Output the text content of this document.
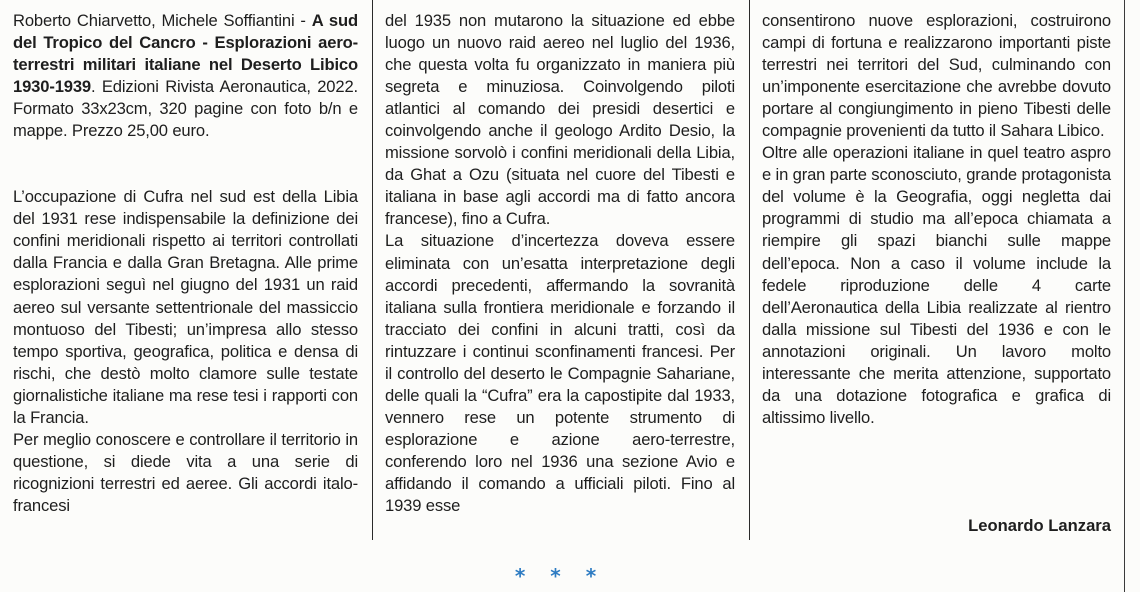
Roberto Chiarvetto, Michele Soffiantini - A sud del Tropico del Cancro - Esplorazioni aero-terrestri militari italiane nel Deserto Libico 1930-1939. Edizioni Rivista Aeronautica, 2022. Formato 33x23cm, 320 pagine con foto b/n e mappe. Prezzo 25,00 euro.

L’occupazione di Cufra nel sud est della Libia del 1931 rese indispensabile la definizione dei confini meridionali rispetto ai territori controllati dalla Francia e dalla Gran Bretagna. Alle prime esplorazioni seguì nel giugno del 1931 un raid aereo sul versante settentrionale del massiccio montuoso del Tibesti; un’impresa allo stesso tempo sportiva, geografica, politica e densa di rischi, che destò molto clamore sulle testate giornalistiche italiane ma rese tesi i rapporti con la Francia.

Per meglio conoscere e controllare il territorio in questione, si diede vita a una serie di ricognizioni terrestri ed aeree. Gli accordi italo-francesi

del 1935 non mutarono la situazione ed ebbe luogo un nuovo raid aereo nel luglio del 1936, che questa volta fu organizzato in maniera più segreta e minuziosa. Coinvolgendo piloti atlantici al comando dei presidi desertici e coinvolgendo anche il geologo Ardito Desio, la missione sorvolò i confini meridionali della Libia, da Ghat a Ozu (situata nel cuore del Tibesti e italiana in base agli accordi ma di fatto ancora francese), fino a Cufra.

La situazione d’incertezza doveva essere eliminata con un’esatta interpretazione degli accordi precedenti, affermando la sovranità italiana sulla frontiera meridionale e forzando il tracciato dei confini in alcuni tratti, così da rintuzzare i continui sconfinamenti francesi. Per il controllo del deserto le Compagnie Sahariane, delle quali la “Cufra” era la capostipite dal 1933, vennero rese un potente strumento di esplorazione e azione aero-terrestre, conferendo loro nel 1936 una sezione Avio e affidando il comando a ufficiali piloti. Fino al 1939 esse

consentirono nuove esplorazioni, costruirono campi di fortuna e realizzarono importanti piste terrestri nei territori del Sud, culminando con un’imponente esercitazione che avrebbe dovuto portare al congiungimento in pieno Tibesti delle compagnie provenienti da tutto il Sahara Libico.

Oltre alle operazioni italiane in quel teatro aspro e in gran parte sconosciuto, grande protagonista del volume è la Geografia, oggi negletta dai programmi di studio ma all’epoca chiamata a riempire gli spazi bianchi sulle mappe dell’epoca. Non a caso il volume include la fedele riproduzione delle 4 carte dell’Aeronautica della Libia realizzate al rientro dalla missione sul Tibesti del 1936 e con le annotazioni originali. Un lavoro molto interessante che merita attenzione, supportato da una dotazione fotografica e grafica di altissimo livello.

Leonardo Lanzara
* * *
